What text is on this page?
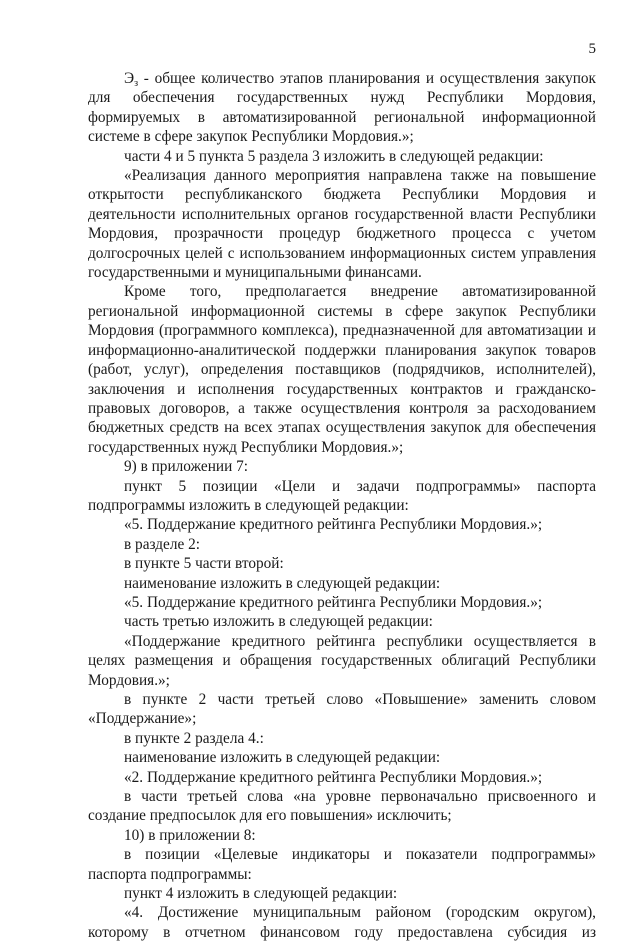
5

Эз - общее количество этапов планирования и осуществления закупок для обеспечения государственных нужд Республики Мордовия, формируемых в автоматизированной региональной информационной системе в сфере закупок Республики Мордовия.»;

части 4 и 5 пункта 5 раздела 3 изложить в следующей редакции:

«Реализация данного мероприятия направлена также на повышение открытости республиканского бюджета Республики Мордовия и деятельности исполнительных органов государственной власти Республики Мордовия, прозрачности процедур бюджетного процесса с учетом долгосрочных целей с использованием информационных систем управления государственными и муниципальными финансами.

Кроме того, предполагается внедрение автоматизированной региональной информационной системы в сфере закупок Республики Мордовия (программного комплекса), предназначенной для автоматизации и информационно-аналитической поддержки планирования закупок товаров (работ, услуг), определения поставщиков (подрядчиков, исполнителей), заключения и исполнения государственных контрактов и гражданско-правовых договоров, а также осуществления контроля за расходованием бюджетных средств на всех этапах осуществления закупок для обеспечения государственных нужд Республики Мордовия.»;

9) в приложении 7:

пункт 5 позиции «Цели и задачи подпрограммы» паспорта подпрограммы изложить в следующей редакции:

«5. Поддержание кредитного рейтинга Республики Мордовия.»;

в разделе 2:

в пункте 5 части второй:

наименование изложить в следующей редакции:

«5. Поддержание кредитного рейтинга Республики Мордовия.»;

часть третью изложить в следующей редакции:

«Поддержание кредитного рейтинга республики осуществляется в целях размещения и обращения государственных облигаций Республики Мордовия.»;

в пункте 2 части третьей слово «Повышение» заменить словом «Поддержание»;

в пункте 2 раздела 4.:

наименование изложить в следующей редакции:

«2. Поддержание кредитного рейтинга Республики Мордовия.»;

в части третьей слова «на уровне первоначально присвоенного и создание предпосылок для его повышения» исключить;

10) в приложении 8:

в позиции «Целевые индикаторы и показатели подпрограммы» паспорта подпрограммы:

пункт 4 изложить в следующей редакции:

«4. Достижение муниципальным районом (городским округом), которому в отчетном финансовом году предоставлена субсидия из
